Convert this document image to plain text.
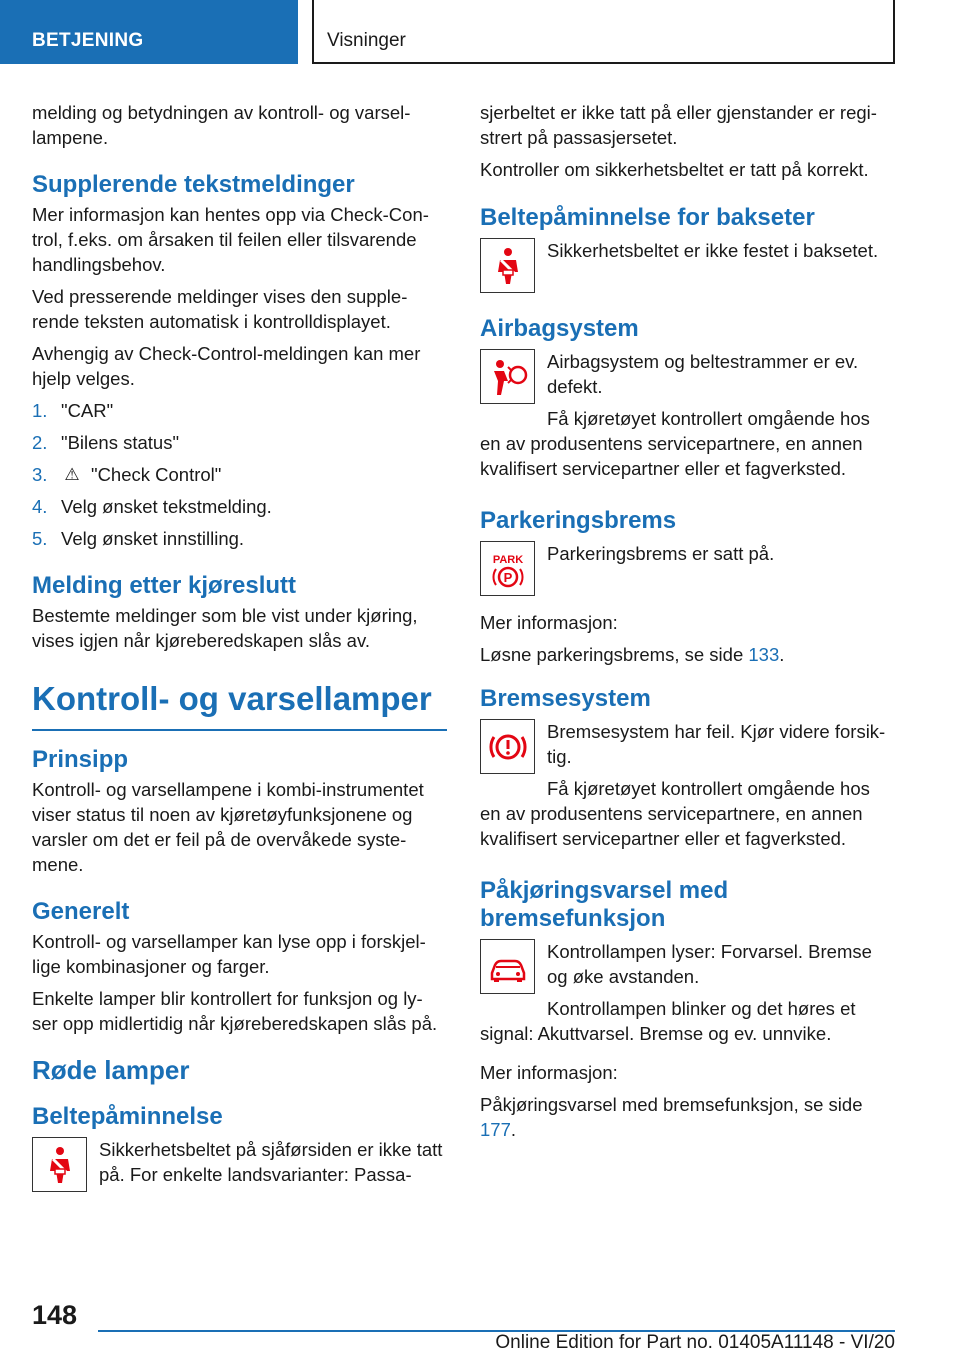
BETJENING	Visninger

melding og betydningen av kontroll- og varsel-lampene.

Supplerende tekstmeldinger

Mer informasjon kan hentes opp via Check-Con-trol, f.eks. om årsaken til feilen eller tilsvarende handlingsbehov.

Ved presserende meldinger vises den supple-rende teksten automatisk i kontrolldisplayet.

Avhengig av Check-Control-meldingen kan mer hjelp velges.

1. "CAR"
2. "Bilens status"
3. ⚠ "Check Control"
4. Velg ønsket tekstmelding.
5. Velg ønsket innstilling.
Melding etter kjøreslutt

Bestemte meldinger som ble vist under kjøring, vises igjen når kjøreberedskapen slås av.

Kontroll- og varsellamper
Prinsipp

Kontroll- og varsellampene i kombi-instrumentet viser status til noen av kjøretøyfunksjonene og varsler om det er feil på de overvåkede syste-mene.

Generelt

Kontroll- og varsellamper kan lyse opp i forskjel-lige kombinasjoner og farger.

Enkelte lamper blir kontrollert for funksjon og ly-ser opp midlertidig når kjøreberedskapen slås på.

Røde lamper
Beltepåminnelse

Sikkerhetsbeltet på sjåførsiden er ikke tatt på. For enkelte landsvarianter: Passa-

sjerbeltet er ikke tatt på eller gjenstander er regi-strert på passasjersetet.

Kontroller om sikkerhetsbeltet er tatt på korrekt.

Beltepåminnelse for bakseter

Sikkerhetsbeltet er ikke festet i baksetet.

Airbagsystem

Airbagsystem og beltestrammer er ev. defekt.

Få kjøretøyet kontrollert omgående hos

en av produsentens servicepartnere, en annen kvalifisert servicepartner eller et fagverksted.

Parkeringsbrems
PARK
P

Parkeringsbrems er satt på.

Mer informasjon:

Løsne parkeringsbrems, se side 133.

Bremsesystem

Bremsesystem har feil. Kjør videre forsik-tig.

Få kjøretøyet kontrollert omgående hos

en av produsentens servicepartnere, en annen kvalifisert servicepartner eller et fagverksted.

Påkjøringsvarsel med bremsefunksjon

Kontrollampen lyser: Forvarsel. Bremse og øke avstanden.

Kontrollampen blinker og det høres et

signal: Akuttvarsel. Bremse og ev. unnvike.

Mer informasjon:

Påkjøringsvarsel med bremsefunksjon, se side 177.

148
Online Edition for Part no. 01405A11148 - VI/20
